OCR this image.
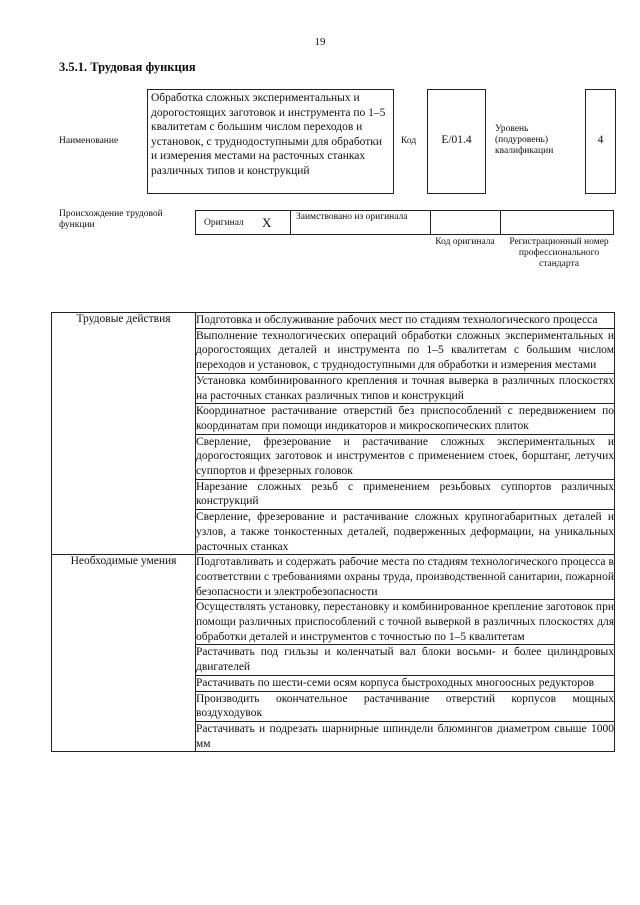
19
3.5.1. Трудовая функция
Наименование
Обработка сложных экспериментальных и дорогостоящих заготовок и инструмента по 1–5 квалитетам с большим числом переходов и установок, с труднодоступными для обработки и измерения местами на расточных станках различных типов и конструкций
Код	E/01.4
Уровень (подуровень) квалификации
4
Происхождение трудовой функции	Оригинал X	Заимствовано из оригинала
Код оригинала	Регистрационный номер профессионального стандарта
Трудовые действия	Подготовка и обслуживание рабочих мест по стадиям технологического процесса
	Выполнение технологических операций обработки сложных экспериментальных и дорогостоящих деталей и инструмента по 1–5 квалитетам с большим числом переходов и установок, с труднодоступными для обработки и измерения местами
	Установка комбинированного крепления и точная выверка в различных плоскостях на расточных станках различных типов и конструкций
	Координатное растачивание отверстий без приспособлений с передвижением по координатам при помощи индикаторов и микроскопических плиток
	Сверление, фрезерование и растачивание сложных экспериментальных и дорогостоящих заготовок и инструментов с применением стоек, борштанг, летучих суппортов и фрезерных головок
	Нарезание сложных резьб с применением резьбовых суппортов различных конструкций
	Сверление, фрезерование и растачивание сложных крупногабаритных деталей и узлов, а также тонкостенных деталей, подверженных деформации, на уникальных расточных станках
Необходимые умения	Подготавливать и содержать рабочие места по стадиям технологического процесса в соответствии с требованиями охраны труда, производственной санитарии, пожарной безопасности и электробезопасности
	Осуществлять установку, перестановку и комбинированное крепление заготовок при помощи различных приспособлений с точной выверкой в различных плоскостях для обработки деталей и инструментов с точностью по 1–5 квалитетам
	Растачивать под гильзы и коленчатый вал блоки восьми- и более цилиндровых двигателей
	Растачивать по шести-семи осям корпуса быстроходных многоосных редукторов
	Производить окончательное растачивание отверстий корпусов мощных воздуходувок
	Растачивать и подрезать шарнирные шпиндели блюмингов диаметром свыше 1000 мм
